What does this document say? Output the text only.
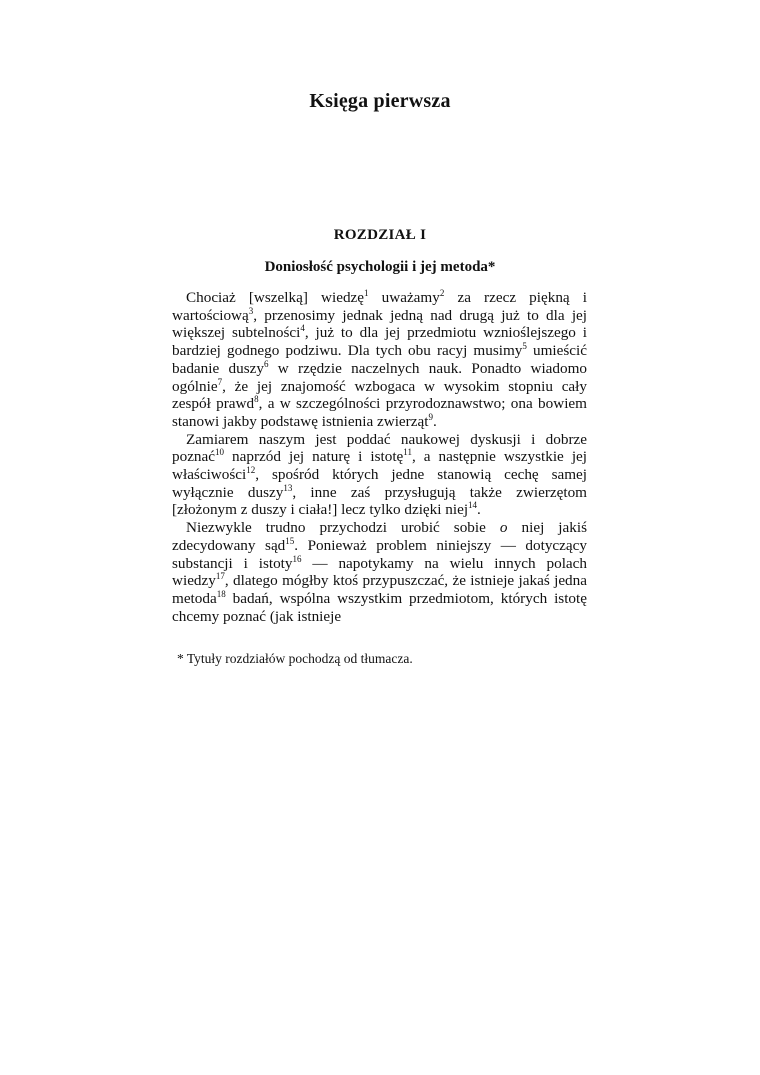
Księga pierwsza
ROZDZIAŁ I
Doniosłość psychologii i jej metoda*

Chociaż [wszelką] wiedzę$^1$ uważamy$^2$ za rzecz piękną i wartościową$^3$, przenosimy jednak jedną nad drugą już to dla jej większej subtelności$^4$, już to dla jej przedmiotu wznioślejszego i bardziej godnego podziwu. Dla tych obu racyj musimy$^5$ umieścić badanie duszy$^6$ w rzędzie naczelnych nauk. Ponadto wiadomo ogólnie$^7$, że jej znajomość wzbogaca w wysokim stopniu cały zespół prawd$^8$, a w szczególności przyrodoznawstwo; ona bowiem stanowi jakby podstawę istnienia zwierząt$^9$.

Zamiarem naszym jest poddać naukowej dyskusji i dobrze poznać$^{10}$ naprzód jej naturę i istotę$^{11}$, a następnie wszystkie jej właściwości$^{12}$, spośród których jedne stanowią cechę samej wyłącznie duszy$^{13}$, inne zaś przysługują także zwierzętom [złożonym z duszy i ciała!] lecz tylko dzięki niej$^{14}$.

Niezwykle trudno przychodzi urobić sobie o niej jakiś zdecydowany sąd$^{15}$. Ponieważ problem niniejszy — dotyczący substancji i istoty$^{16}$ — napotykamy na wielu innych polach wiedzy$^{17}$, dlatego mógłby ktoś przypuszczać, że istnieje jakaś jedna metoda$^{18}$ badań, wspólna wszystkim przedmiotom, których istotę chcemy poznać (jak istnieje

* Tytuły rozdziałów pochodzą od tłumacza.
